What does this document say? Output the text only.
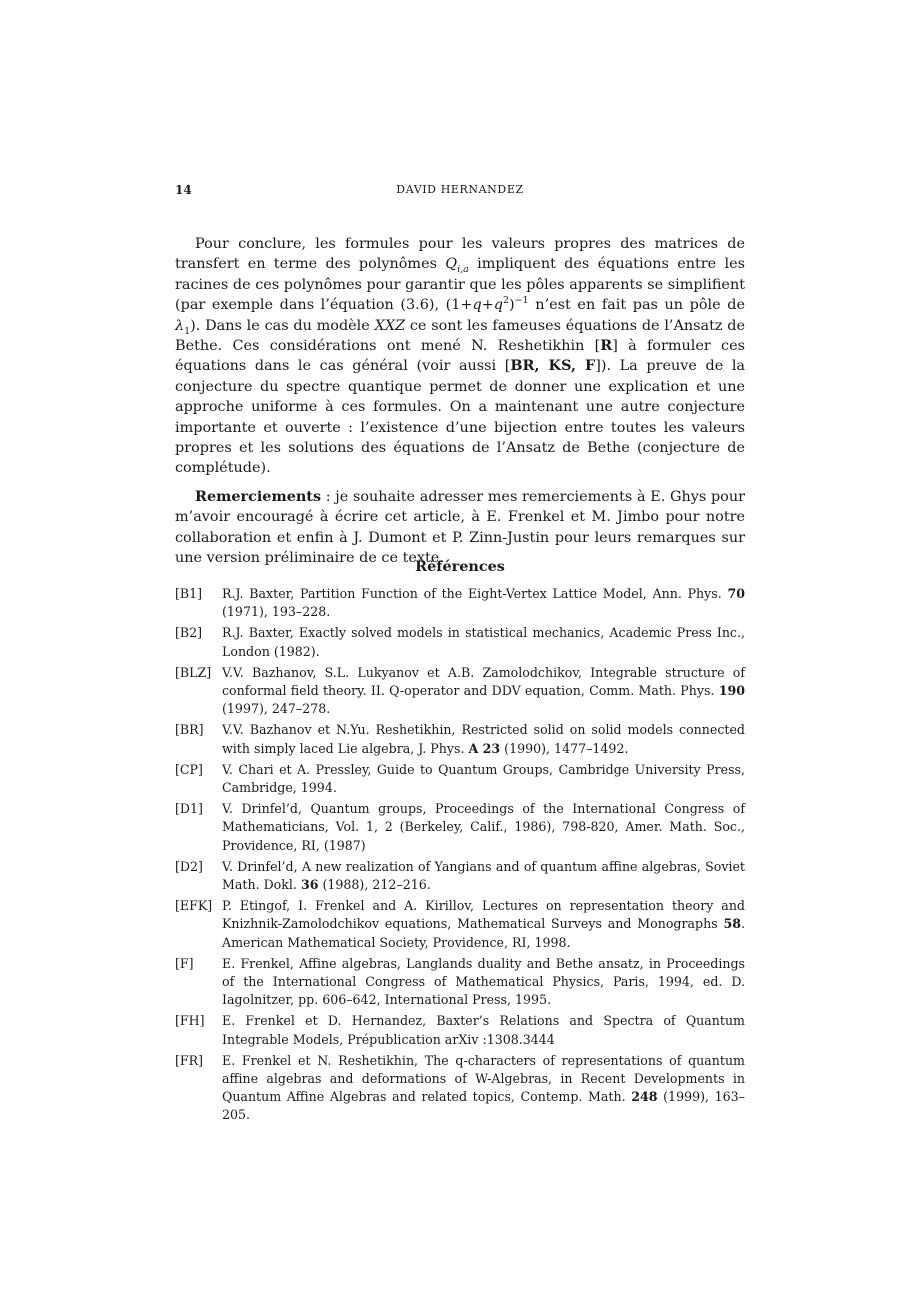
14	DAVID HERNANDEZ

Pour conclure, les formules pour les valeurs propres des matrices de transfert en terme des polynômes $Q_{i,a}$ impliquent des équations entre les racines de ces polynômes pour garantir que les pôles apparents se simplifient (par exemple dans l’équation (3.6), $(1+q+q^2)^{-1}$ n’est en fait pas un pôle de $\lambda_1$). Dans le cas du modèle XXZ ce sont les fameuses équations de l’Ansatz de Bethe. Ces considérations ont mené N. Reshetikhin [R] à formuler ces équations dans le cas général (voir aussi [BR, KS, F]). La preuve de la conjecture du spectre quantique permet de donner une explication et une approche uniforme à ces formules. On a maintenant une autre conjecture importante et ouverte : l’existence d’une bijection entre toutes les valeurs propres et les solutions des équations de l’Ansatz de Bethe (conjecture de complétude).

Remerciements : je souhaite adresser mes remerciements à E. Ghys pour m’avoir encouragé à écrire cet article, à E. Frenkel et M. Jimbo pour notre collaboration et enfin à J. Dumont et P. Zinn-Justin pour leurs remarques sur une version préliminaire de ce texte.

Références
[B1] R.J. Baxter, Partition Function of the Eight-Vertex Lattice Model, Ann. Phys. 70 (1971), 193–228.
[B2] R.J. Baxter, Exactly solved models in statistical mechanics, Academic Press Inc., London (1982).
[BLZ] V.V. Bazhanov, S.L. Lukyanov et A.B. Zamolodchikov, Integrable structure of conformal field theory. II. Q-operator and DDV equation, Comm. Math. Phys. 190 (1997), 247–278.
[BR] V.V. Bazhanov et N.Yu. Reshetikhin, Restricted solid on solid models connected with simply laced Lie algebra, J. Phys. A 23 (1990), 1477–1492.
[CP] V. Chari et A. Pressley, Guide to Quantum Groups, Cambridge University Press, Cambridge, 1994.
[D1] V. Drinfel’d, Quantum groups, Proceedings of the International Congress of Mathematicians, Vol. 1, 2 (Berkeley, Calif., 1986), 798-820, Amer. Math. Soc., Providence, RI, (1987)
[D2] V. Drinfel’d, A new realization of Yangians and of quantum affine algebras, Soviet Math. Dokl. 36 (1988), 212–216.
[EFK] P. Etingof, I. Frenkel and A. Kirillov, Lectures on representation theory and Knizhnik-Zamolodchikov equations, Mathematical Surveys and Monographs 58. American Mathematical Society, Providence, RI, 1998.
[F] E. Frenkel, Affine algebras, Langlands duality and Bethe ansatz, in Proceedings of the International Congress of Mathematical Physics, Paris, 1994, ed. D. Iagolnitzer, pp. 606–642, International Press, 1995.
[FH] E. Frenkel et D. Hernandez, Baxter’s Relations and Spectra of Quantum Integrable Models, Prépublication arXiv :1308.3444
[FR] E. Frenkel et N. Reshetikhin, The q-characters of representations of quantum affine algebras and deformations of W-Algebras, in Recent Developments in Quantum Affine Algebras and related topics, Contemp. Math. 248 (1999), 163–205.
